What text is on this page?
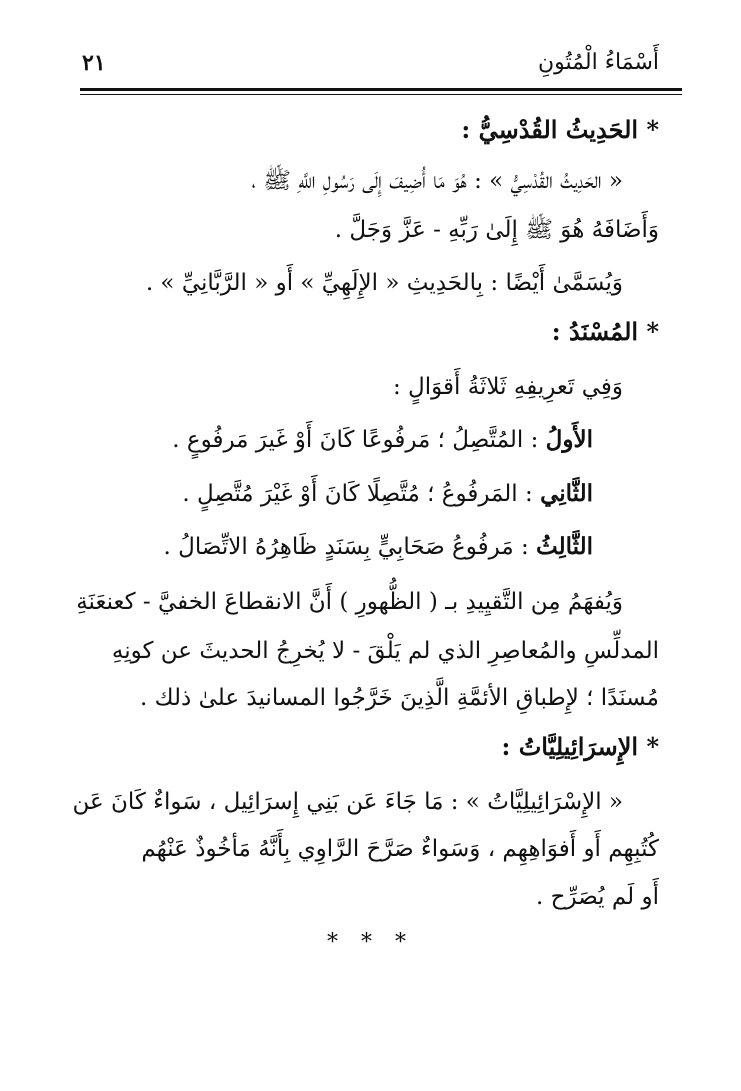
أَسْمَاءُ الْمُتُونِ
٢١
* الحَدِيثُ القُدْسِيُّ :
« الحَدِيثُ القُدْسِيُّ » : هُوَ مَا أُضِيفَ إِلَى رَسُولِ اللَّهِ ﷺ ،
وَأَضَافَهُ هُوَ ﷺ إِلَىٰ رَبِّهِ - عَزَّ وَجَلَّ .
وَيُسَمَّىٰ أَيْضًا : بِالحَدِيثِ « الإِلَهِيِّ » أَو « الرَّبَّانِيِّ » .
* المُسْنَدُ :
وَفِي تَعرِيفِهِ ثَلاثَةُ أَقوَالٍ :
الأَولُ : المُتَّصِلُ ؛ مَرفُوعًا كَانَ أَوْ غَيرَ مَرفُوعٍ .
الثَّانِي : المَرفُوعُ ؛ مُتَّصِلًا كَانَ أَوْ غَيْرَ مُتَّصِلٍ .
الثَّالِثُ : مَرفُوعُ صَحَابِيٍّ بِسَنَدٍ ظَاهِرُهُ الاتِّصَالُ .
وَيُفهَمُ مِن التَّقيِيدِ بـ ( الظُّهورِ ) أَنَّ الانقطاعَ الخفيَّ - كعنعَنَةِ
المدلِّسِ والمُعاصِرِ الذي لم يَلْقَ - لا يُخرِجُ الحديثَ عن كونِهِ
مُسنَدًا ؛ لإِطباقِ الأئمَّةِ الَّذِينَ خَرَّجُوا المسانيدَ علىٰ ذلك .
* الإِسرَائِيلِيَّاتُ :
« الإِسْرَائِيلِيَّاتُ » : مَا جَاءَ عَن بَنِي إِسرَائِيل ، سَواءٌ كَانَ عَن
كُتُبِهِم أَو أَفوَاهِهِم ، وَسَواءٌ صَرَّحَ الرَّاوِي بِأَنَّهُ مَأخُوذٌ عَنْهُم
أَو لَم يُصَرِّح .
* * *
